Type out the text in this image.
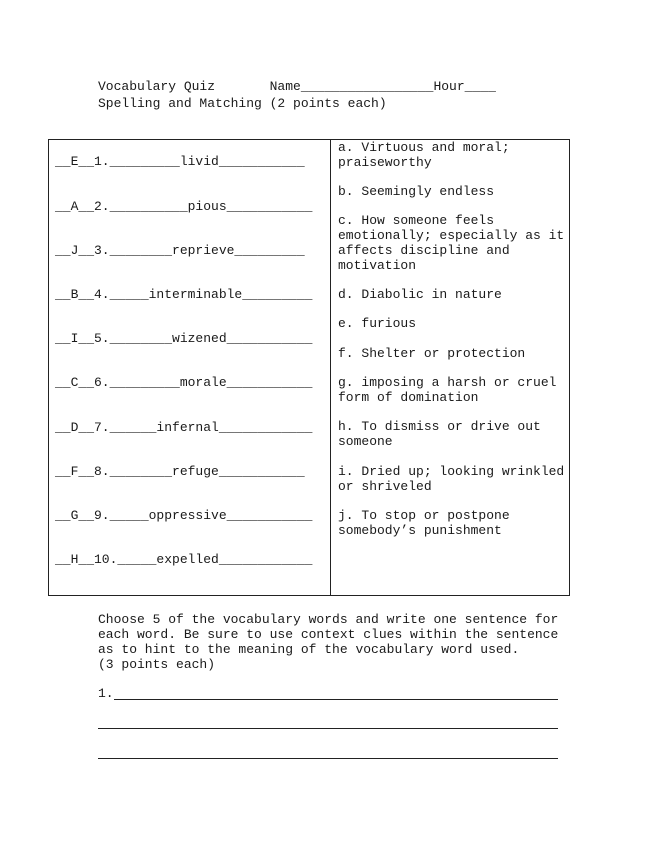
Vocabulary Quiz       Name_________________Hour____
Spelling and Matching (2 points each)
__E__1._________livid___________
__A__2.__________pious___________
__J__3.________reprieve_________
__B__4._____interminable_________
__I__5.________wizened___________
__C__6._________morale___________
__D__7.______infernal____________
__F__8.________refuge___________
__G__9._____oppressive___________
__H__10._____expelled____________
a. Virtuous and moral;
praiseworthy
b. Seemingly endless
c. How someone feels
emotionally; especially as it
affects discipline and
motivation
d. Diabolic in nature
e. furious
f. Shelter or protection
g. imposing a harsh or cruel
form of domination
h. To dismiss or drive out
someone
i. Dried up; looking wrinkled
or shriveled
j. To stop or postpone
somebody’s punishment
Choose 5 of the vocabulary words and write one sentence for
each word. Be sure to use context clues within the sentence
as to hint to the meaning of the vocabulary word used.
(3 points each)
1.
